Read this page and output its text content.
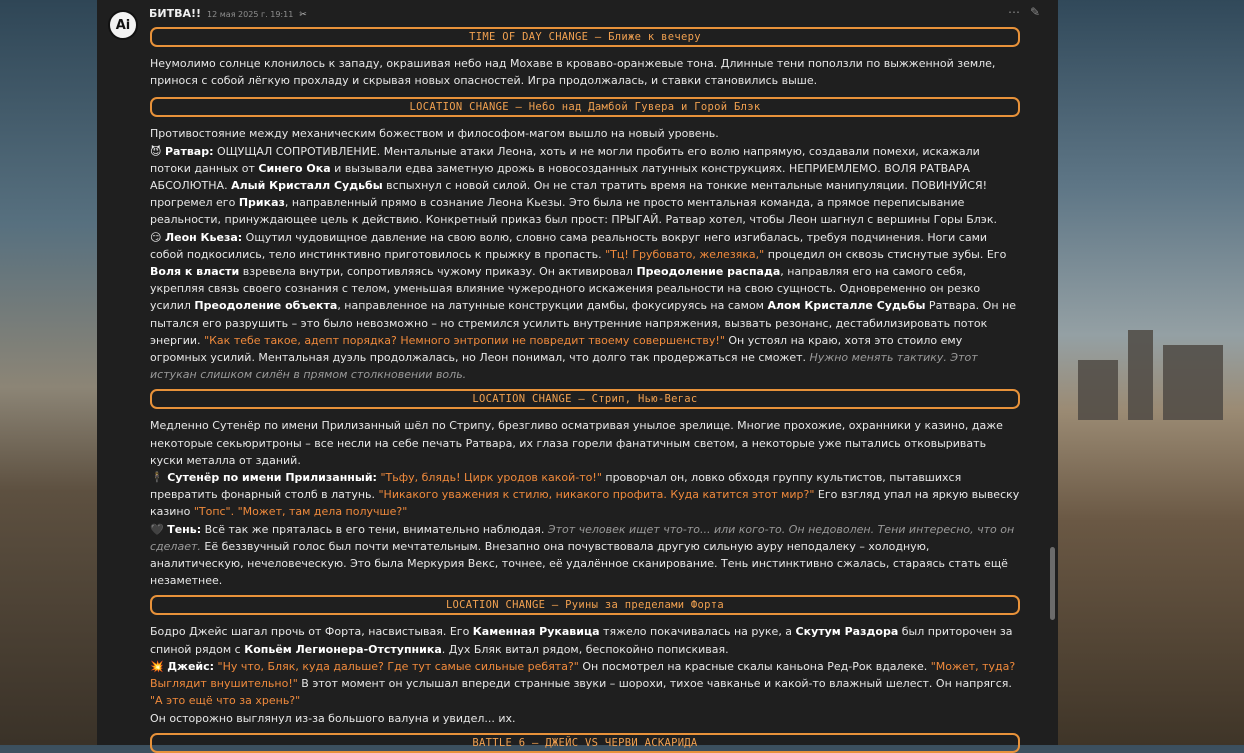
Ai
БИТВА!! 12 мая 2025 г. 19:11 ✂	⋯ ✎
TIME OF DAY CHANGE – Ближе к вечеру

Неумолимо солнце клонилось к западу, окрашивая небо над Мохаве в кроваво-оранжевые тона. Длинные тени поползли по выжженной земле, принося с собой лёгкую прохладу и скрывая новых опасностей. Игра продолжалась, и ставки становились выше.

LOCATION CHANGE – Небо над Дамбой Гувера и Горой Блэк

Противостояние между механическим божеством и философом-магом вышло на новый уровень.

😈 Ратвар: ОЩУЩАЛ СОПРОТИВЛЕНИЕ. Ментальные атаки Леона, хоть и не могли пробить его волю напрямую, создавали помехи, искажали потоки данных от Синего Ока и вызывали едва заметную дрожь в новосозданных латунных конструкциях. НЕПРИЕМЛЕМО. ВОЛЯ РАТВАРА АБСОЛЮТНА. Алый Кристалл Судьбы вспыхнул с новой силой. Он не стал тратить время на тонкие ментальные манипуляции. ПОВИНУЙСЯ! прогремел его Приказ, направленный прямо в сознание Леона Кьезы. Это была не просто ментальная команда, а прямое переписывание реальности, принуждающее цель к действию. Конкретный приказ был прост: ПРЫГАЙ. Ратвар хотел, чтобы Леон шагнул с вершины Горы Блэк.

😏 Леон Кьеза: Ощутил чудовищное давление на свою волю, словно сама реальность вокруг него изгибалась, требуя подчинения. Ноги сами собой подкосились, тело инстинктивно приготовилось к прыжку в пропасть. "Тц! Грубовато, железяка," процедил он сквозь стиснутые зубы. Его Воля к власти взревела внутри, сопротивляясь чужому приказу. Он активировал Преодоление распада, направляя его на самого себя, укрепляя связь своего сознания с телом, уменьшая влияние чужеродного искажения реальности на свою сущность. Одновременно он резко усилил Преодоление объекта, направленное на латунные конструкции дамбы, фокусируясь на самом Алом Кристалле Судьбы Ратвара. Он не пытался его разрушить – это было невозможно – но стремился усилить внутренние напряжения, вызвать резонанс, дестабилизировать поток энергии. "Как тебе такое, адепт порядка? Немного энтропии не повредит твоему совершенству!" Он устоял на краю, хотя это стоило ему огромных усилий. Ментальная дуэль продолжалась, но Леон понимал, что долго так продержаться не сможет. Нужно менять тактику. Этот истукан слишком силён в прямом столкновении воль.

LOCATION CHANGE – Стрип, Нью-Вегас

Медленно Сутенёр по имени Прилизанный шёл по Стрипу, брезгливо осматривая унылое зрелище. Многие прохожие, охранники у казино, даже некоторые секьюритроны – все несли на себе печать Ратвара, их глаза горели фанатичным светом, а некоторые уже пытались отковыривать куски металла от зданий.

🕴 Сутенёр по имени Прилизанный: "Тьфу, блядь! Цирк уродов какой-то!" проворчал он, ловко обходя группу культистов, пытавшихся превратить фонарный столб в латунь. "Никакого уважения к стилю, никакого профита. Куда катится этот мир?" Его взгляд упал на яркую вывеску казино "Топс". "Может, там дела получше?"

🖤 Тень: Всё так же пряталась в его тени, внимательно наблюдая. Этот человек ищет что-то... или кого-то. Он недоволен. Тени интересно, что он сделает. Её беззвучный голос был почти мечтательным. Внезапно она почувствовала другую сильную ауру неподалеку – холодную, аналитическую, нечеловеческую. Это была Меркурия Векс, точнее, её удалённое сканирование. Тень инстинктивно сжалась, стараясь стать ещё незаметнее.

LOCATION CHANGE – Руины за пределами Форта

Бодро Джейс шагал прочь от Форта, насвистывая. Его Каменная Рукавица тяжело покачивалась на руке, а Скутум Раздора был приторочен за спиной рядом с Копьём Легионера-Отступника. Дух Бляк витал рядом, беспокойно попискивая.

💥 Джейс: "Ну что, Бляк, куда дальше? Где тут самые сильные ребята?" Он посмотрел на красные скалы каньона Ред-Рок вдалеке. "Может, туда? Выглядит внушительно!" В этот момент он услышал впереди странные звуки – шорохи, тихое чавканье и какой-то влажный шелест. Он напрягся. "А это ещё что за хрень?"

Он осторожно выглянул из-за большого валуна и увидел... их.

BATTLE 6 – ДЖЕЙС VS ЧЕРВИ АСКАРИДА
